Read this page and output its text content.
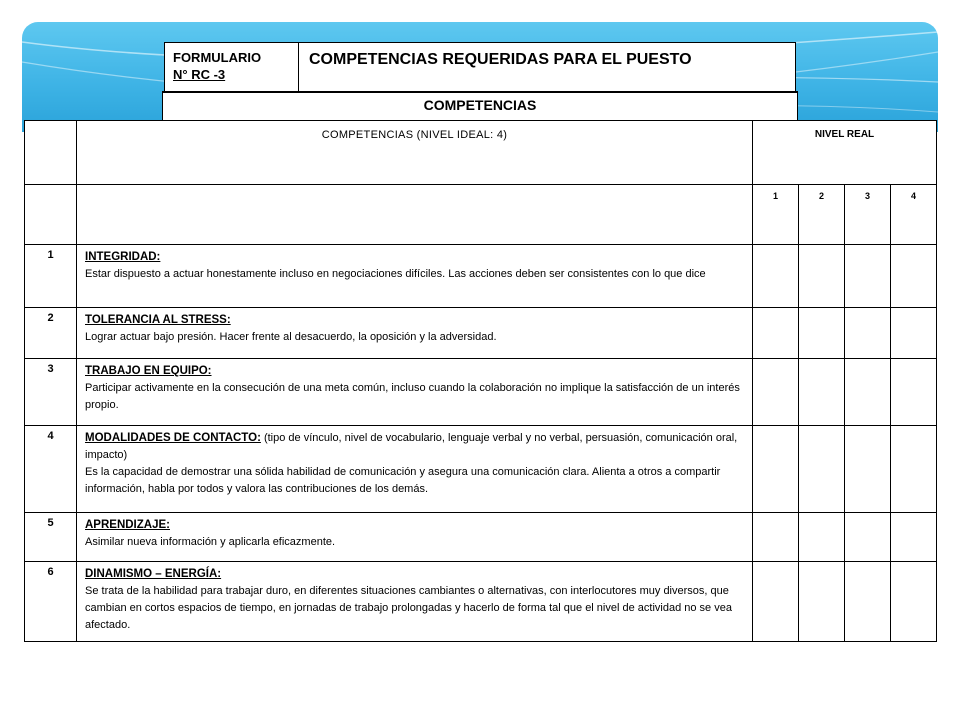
FORMULARIO
N° RC -3
COMPETENCIAS REQUERIDAS PARA EL PUESTO
COMPETENCIAS
	COMPETENCIAS (NIVEL IDEAL: 4)	NIVEL REAL			
		1	2	3	4
1	INTEGRIDAD:
Estar dispuesto a actuar honestamente incluso en negociaciones difíciles. Las acciones deben ser consistentes con lo que dice				

2	TOLERANCIA AL STRESS:
Lograr actuar bajo presión. Hacer frente al desacuerdo, la oposición y la adversidad.				

3	TRABAJO EN EQUIPO:
Participar activamente en la consecución de una meta común, incluso cuando la colaboración no implique la satisfacción de un interés propio.				

4	MODALIDADES DE CONTACTO: (tipo de vínculo, nivel de vocabulario, lenguaje verbal y no verbal, persuasión, comunicación oral, impacto)
Es la capacidad de demostrar una sólida habilidad de comunicación y asegura una comunicación clara. Alienta a otros a compartir información, habla por todos y valora las contribuciones de los demás.				

5	APRENDIZAJE:
Asimilar nueva información y aplicarla eficazmente.				

6	DINAMISMO – ENERGÍA:
Se trata de la habilidad para trabajar duro, en diferentes situaciones cambiantes o alternativas, con interlocutores muy diversos, que cambian en cortos espacios de tiempo, en jornadas de trabajo prolongadas y hacerlo de forma tal que el nivel de actividad no se vea afectado.				
